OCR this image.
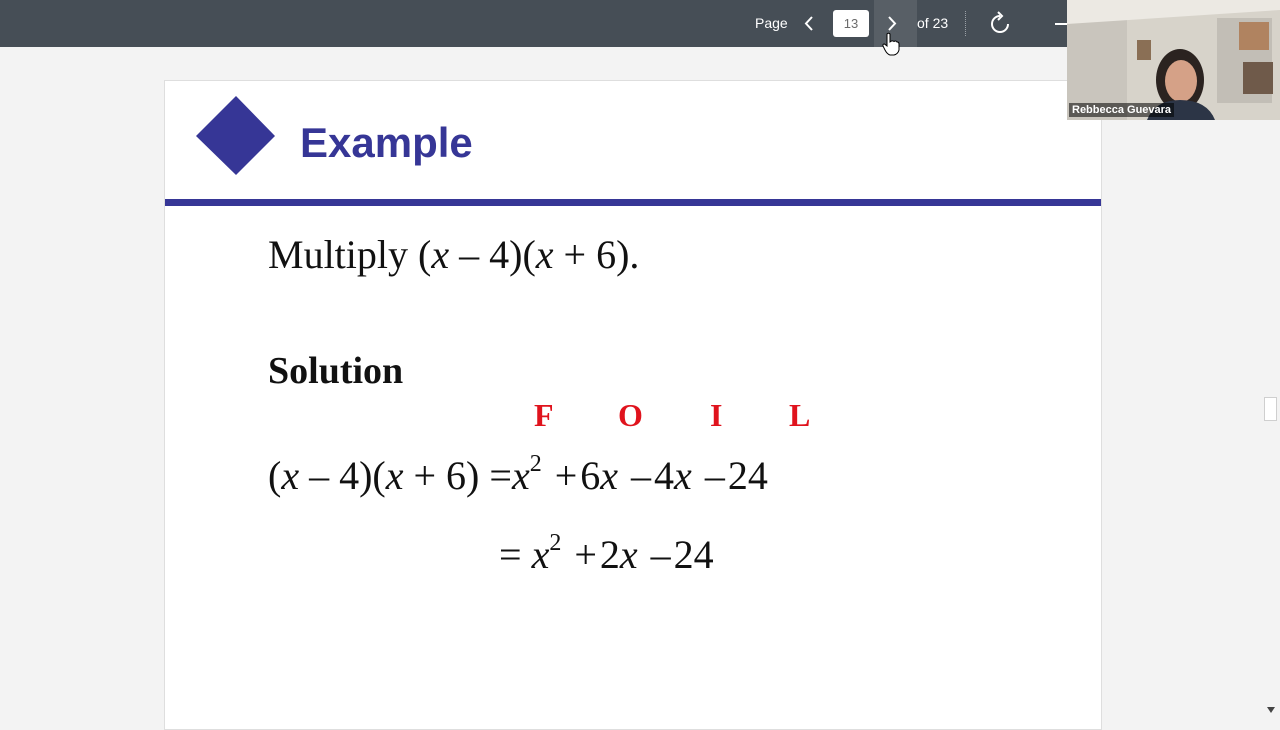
Page
13	of 23
Example
Multiply (x – 4)(x + 6).
Solution
F O I L
$(x - 4)(x + 6) =x^2 +6x$ –4x –24
= $x^2 +2x$ –24
Rebbecca Guevara
